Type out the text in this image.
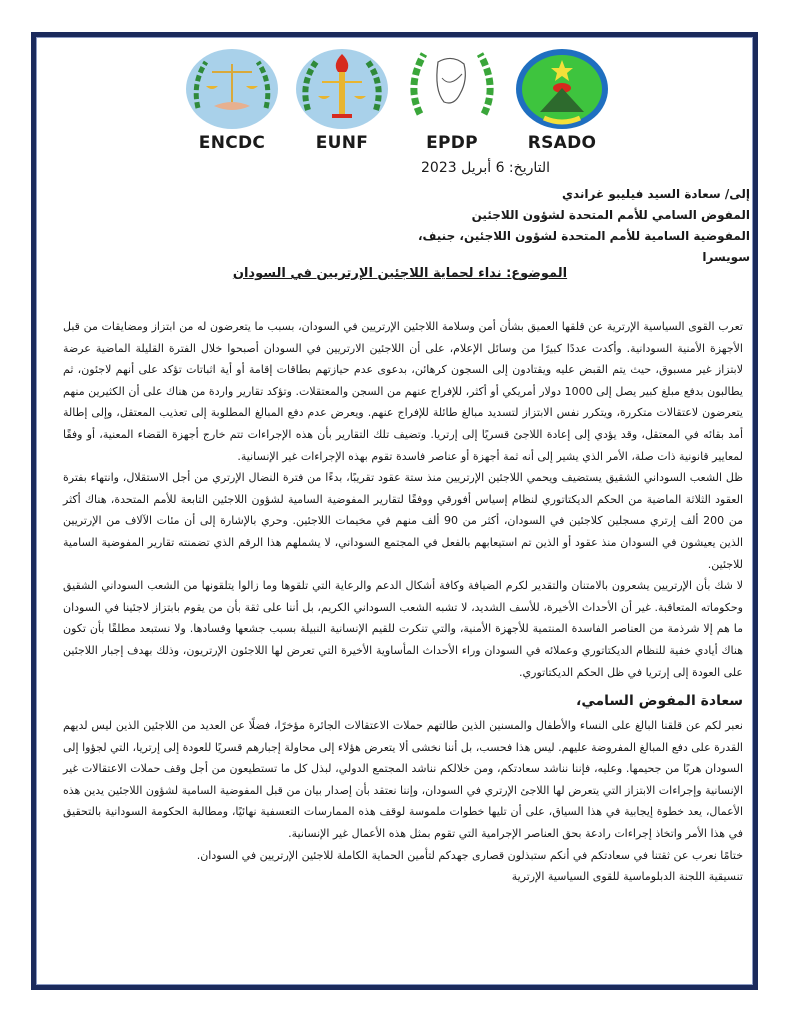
ENCDC	EUNF	EPDP	RSADO
التاريخ: 6 أبريل 2023
إلى/ سعادة السيد فيليبو غراندي
المفوض السامي للأمم المتحدة لشؤون اللاجئين
المفوضية السامية للأمم المتحدة لشؤون اللاجئين، جنيف، سويسرا
الموضوع: نداء لحماية اللاجئين الإرتريين في السودان

تعرب القوى السياسية الإرترية عن قلقها العميق بشأن أمن وسلامة اللاجئين الإرتريين في السودان، بسبب ما يتعرضون له من ابتزاز ومضايقات من قبل الأجهزة الأمنية السودانية. وأكدت عددًا كبيرًا من وسائل الإعلام، على أن اللاجئين الارتريين في السودان أصبحوا خلال الفترة القليلة الماضية عرضة لابتزاز غير مسبوق، حيث يتم القبض عليه ويقتادون إلى السجون كرهائن، بدعوى عدم حيازتهم بطاقات إقامة أو أية اثباتات تؤكد على أنهم لاجئون، ثم يطالبون بدفع مبلغ كبير يصل إلى 1000 دولار أمريكي أو أكثر، للإفراج عنهم من السجن والمعتقلات. وتؤكد تقارير واردة من هناك على أن الكثيرين منهم يتعرضون لاعتقالات متكررة، ويتكرر نفس الابتزاز لتسديد مبالغ طائلة للإفراج عنهم. ويعرض عدم دفع المبالغ المطلوبة إلى تعذيب المعتقل، وإلى إطالة أمد بقائه في المعتقل، وقد يؤدي إلى إعادة اللاجئ قسريًا إلى إرتريا. وتضيف تلك التقارير بأن هذه الإجراءات تتم خارج أجهزة القضاء المعنية، أو وفقًا لمعايير قانونية ذات صلة، الأمر الذي يشير إلى أنه ثمة أجهزة أو عناصر فاسدة تقوم بهذه الإجراءات غير الإنسانية.

ظل الشعب السوداني الشقيق يستضيف ويحمي اللاجئين الإرتريين منذ ستة عقود تقريبًا، بدءًا من فترة النضال الإرتري من أجل الاستقلال، وانتهاء بفترة العقود الثلاثة الماضية من الحكم الديكتاتوري لنظام إسياس أفورقي ووفقًا لتقارير المفوضية السامية لشؤون اللاجئين التابعة للأمم المتحدة، هناك أكثر من 200 ألف إرتري مسجلين كلاجئين في السودان، أكثر من 90 ألف منهم في مخيمات اللاجئين. وحري بالإشارة إلى أن مئات الآلاف من الإرتريين الذين يعيشون في السودان منذ عقود أو الذين تم استيعابهم بالفعل في المجتمع السوداني، لا يشملهم هذا الرقم الذي تضمنته تقارير المفوضية السامية للاجئين.

لا شك بأن الإرتريين يشعرون بالامتنان والتقدير لكرم الضيافة وكافة أشكال الدعم والرعاية التي تلقوها وما زالوا يتلقونها من الشعب السوداني الشقيق وحكوماته المتعاقبة. غير أن الأحداث الأخيرة، للأسف الشديد، لا تشبه الشعب السوداني الكريم، بل أننا على ثقة بأن من يقوم بابتزاز لاجئينا في السودان ما هم إلا شرذمة من العناصر الفاسدة المنتمية للأجهزة الأمنية، والتي تنكرت للقيم الإنسانية النبيلة بسبب جشعها وفسادها. ولا نستبعد مطلقًا بأن تكون هناك أيادي خفية للنظام الديكتاتوري وعملائه في السودان وراء الأحداث المأساوية الأخيرة التي تعرض لها اللاجئون الإرتريون، وذلك بهدف إجبار اللاجئين على العودة إلى إرتريا في ظل الحكم الديكتاتوري.

سعادة المفوض السامي،

نعبر لكم عن قلقنا البالغ على النساء والأطفال والمسنين الذين طالتهم حملات الاعتقالات الجائرة مؤخرًا، فضلًا عن العديد من اللاجئين الذين ليس لديهم القدرة على دفع المبالغ المفروضة عليهم. ليس هذا فحسب، بل أننا نخشى ألا يتعرض هؤلاء إلى محاولة إجبارهم قسريًا للعودة إلى إرتريا، التي لجؤوا إلى السودان هربًا من جحيمها. وعليه، فإننا نناشد سعادتكم، ومن خلالكم نناشد المجتمع الدولي، لبذل كل ما تستطيعون من أجل وقف حملات الاعتقالات غير الإنسانية وإجراءات الابتزاز التي يتعرض لها اللاجئ الإرتري في السودان، وإننا نعتقد بأن إصدار بيان من قبل المفوضية السامية لشؤون اللاجئين يدين هذه الأعمال، يعد خطوة إيجابية في هذا السياق، على أن تليها خطوات ملموسة لوقف هذه الممارسات التعسفية نهائيًا، ومطالبة الحكومة السودانية بالتحقيق في هذا الأمر واتخاذ إجراءات رادعة بحق العناصر الإجرامية التي تقوم بمثل هذه الأعمال غير الإنسانية.

ختامًا نعرب عن ثقتنا في سعادتكم في أنكم ستبذلون قصارى جهدكم لتأمين الحماية الكاملة للاجئين الإرتريين في السودان.

تنسيقية اللجنة الدبلوماسية للقوى السياسية الإرترية
